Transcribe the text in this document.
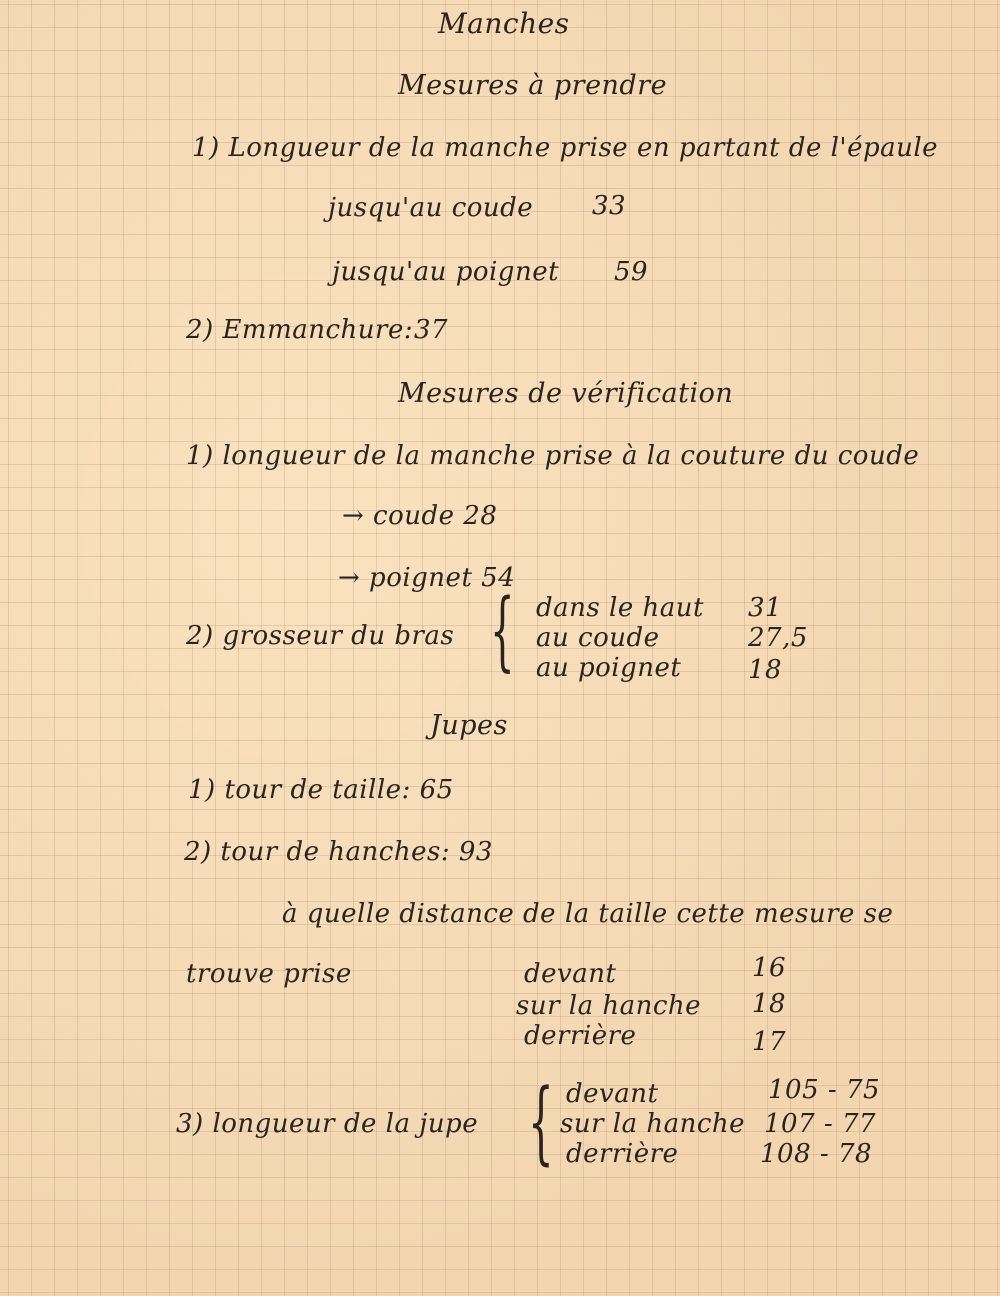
Manches
Mesures à prendre
1) Longueur de la manche prise en partant de l'épaule
jusqu'au coude 33
jusqu'au poignet 59
2) Emmanchure: 37
Mesures de vérification
1) longueur de la manche prise à la couture du coude
→ coude 28
→ poignet 54
2) grosseur du bras { dans le haut 31
au coude	27,5
au poignet	18
Jupes
1) tour de taille: 65
2) tour de hanches: 93
à quelle distance de la taille cette mesure se
trouve prise	devant	16
sur la hanche 18
derrière	17
3) longueur de la jupe { devant	105 - 75
sur la hanche 107 - 77
derrière	108 - 78
